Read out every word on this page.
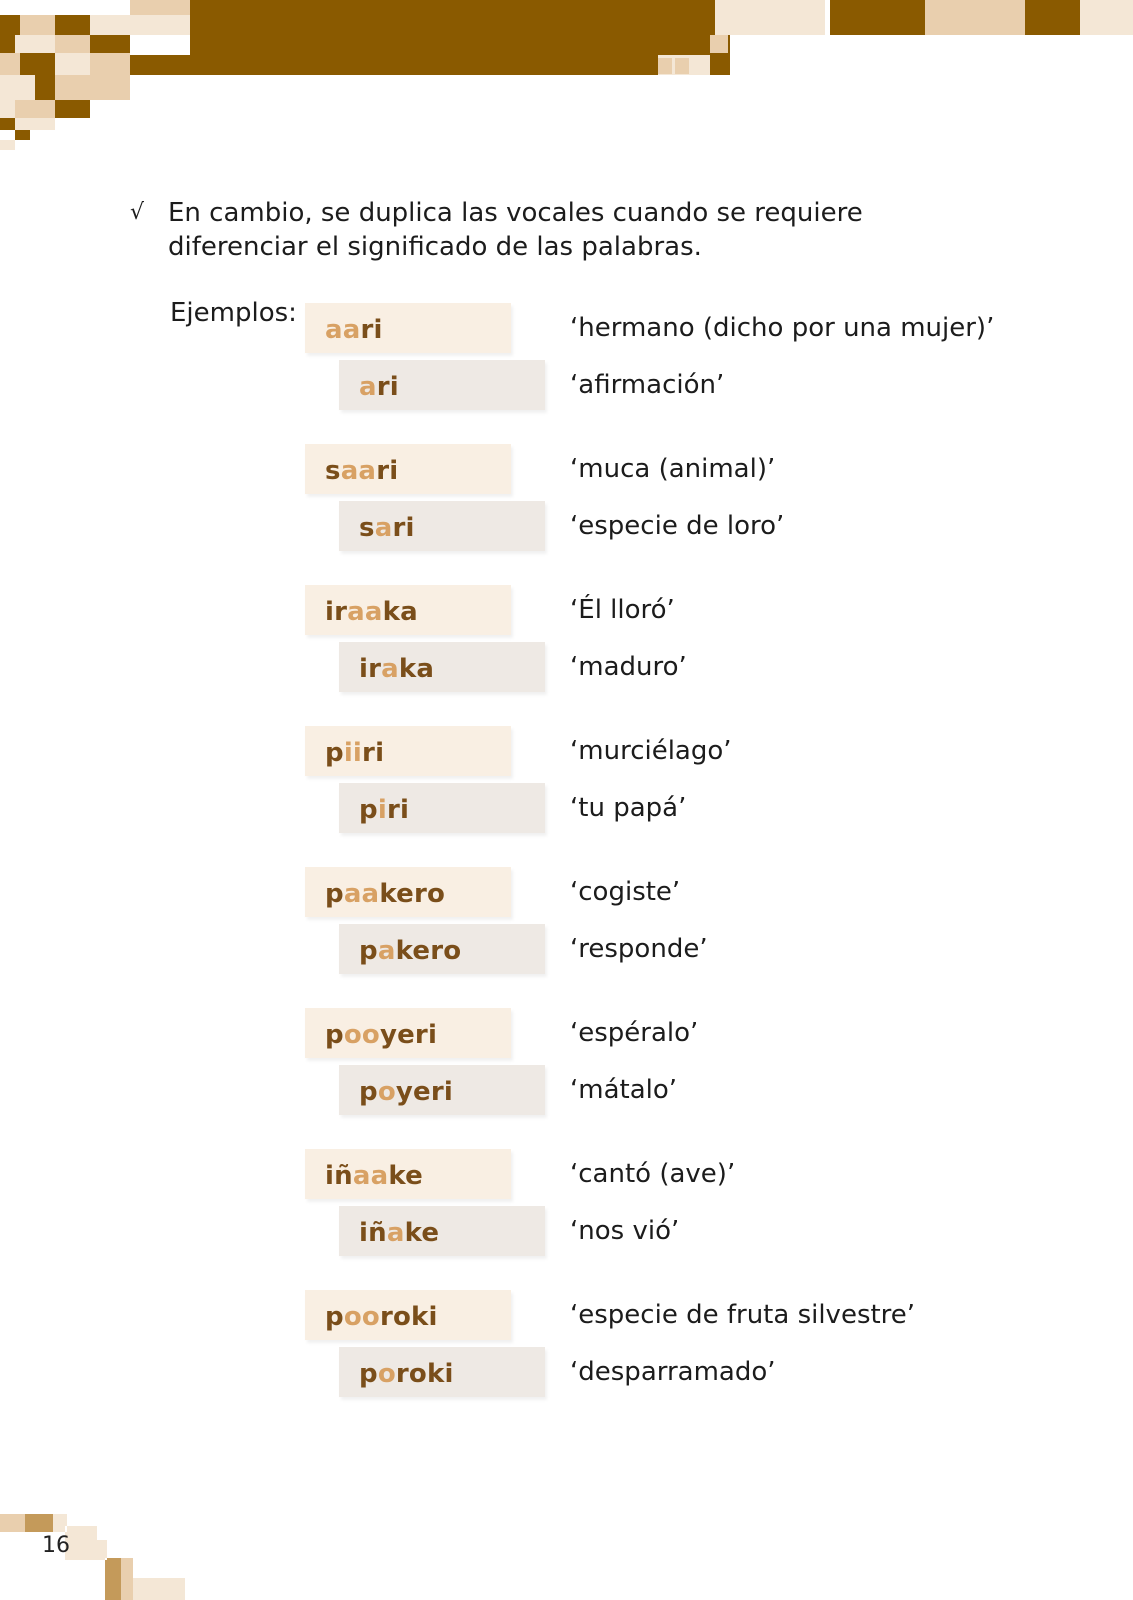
√ En cambio, se duplica las vocales cuando se requiere diferenciar el significado de las palabras.
Ejemplos:
aari	‘hermano (dicho por una mujer)’
ari	‘afirmación’
saari	‘muca (animal)’
sari	‘especie de loro’
iraaka	‘Él lloró’
iraka	‘maduro’
piiri	‘murciélago’
piri	‘tu papá’
paakero	‘cogiste’
pakero	‘responde’
pooyeri	‘espéralo’
poyeri	‘mátalo’
iñaake	‘cantó (ave)’
iñake	‘nos vió’
pooroki	‘especie de fruta silvestre’
poroki	‘desparramado’
16
